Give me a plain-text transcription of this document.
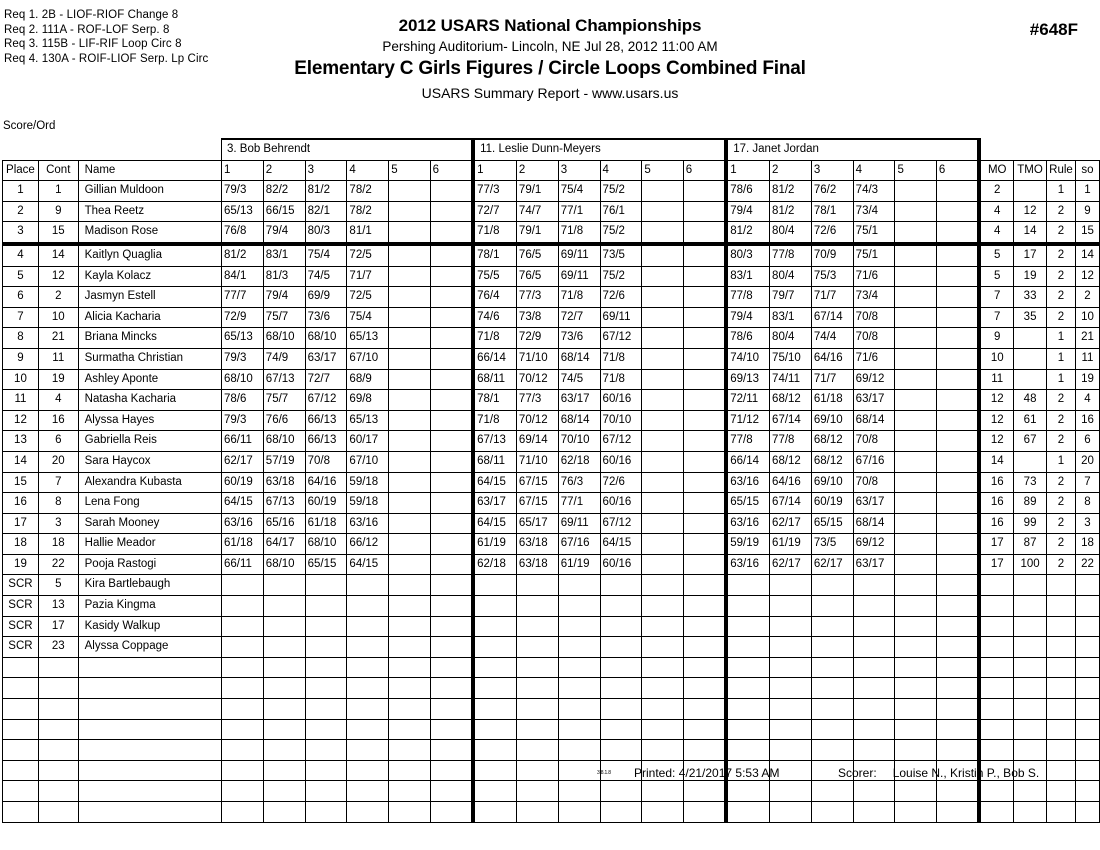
Req 1. 2B - LIOF-RIOF Change 8
Req 2. 111A - ROF-LOF Serp. 8
Req 3. 115B - LIF-RIF Loop Circ 8
Req 4. 130A - ROIF-LIOF Serp. Lp Circ
2012 USARS National Championships
Pershing Auditorium- Lincoln, NE Jul 28, 2012 11:00 AM
Elementary C Girls Figures / Circle Loops Combined Final
USARS Summary Report - www.usars.us
#648F
Score/Ord
			3. Bob Behrendt						11. Leslie Dunn-Meyers						17. Janet Jordan									
Place	Cont	Name	1	2	3	4	5	6	1	2	3	4	5	6	1	2	3	4	5	6	MO	TMO	Rule	so
1	1	Gillian Muldoon	79/3	82/2	81/2	78/2			77/3	79/1	75/4	75/2			78/6	81/2	76/2	74/3			2		1	1
2	9	Thea Reetz	65/13	66/15	82/1	78/2			72/7	74/7	77/1	76/1			79/4	81/2	78/1	73/4			4	12	2	9
3	15	Madison Rose	76/8	79/4	80/3	81/1			71/8	79/1	71/8	75/2			81/2	80/4	72/6	75/1			4	14	2	15
4	14	Kaitlyn Quaglia	81/2	83/1	75/4	72/5			78/1	76/5	69/11	73/5			80/3	77/8	70/9	75/1			5	17	2	14
5	12	Kayla Kolacz	84/1	81/3	74/5	71/7			75/5	76/5	69/11	75/2			83/1	80/4	75/3	71/6			5	19	2	12
6	2	Jasmyn Estell	77/7	79/4	69/9	72/5			76/4	77/3	71/8	72/6			77/8	79/7	71/7	73/4			7	33	2	2
7	10	Alicia Kacharia	72/9	75/7	73/6	75/4			74/6	73/8	72/7	69/11			79/4	83/1	67/14	70/8			7	35	2	10
8	21	Briana Mincks	65/13	68/10	68/10	65/13			71/8	72/9	73/6	67/12			78/6	80/4	74/4	70/8			9		1	21
9	11	Surmatha Christian	79/3	74/9	63/17	67/10			66/14	71/10	68/14	71/8			74/10	75/10	64/16	71/6			10		1	11
10	19	Ashley Aponte	68/10	67/13	72/7	68/9			68/11	70/12	74/5	71/8			69/13	74/11	71/7	69/12			11		1	19
11	4	Natasha Kacharia	78/6	75/7	67/12	69/8			78/1	77/3	63/17	60/16			72/11	68/12	61/18	63/17			12	48	2	4
12	16	Alyssa Hayes	79/3	76/6	66/13	65/13			71/8	70/12	68/14	70/10			71/12	67/14	69/10	68/14			12	61	2	16
13	6	Gabriella Reis	66/11	68/10	66/13	60/17			67/13	69/14	70/10	67/12			77/8	77/8	68/12	70/8			12	67	2	6
14	20	Sara Haycox	62/17	57/19	70/8	67/10			68/11	71/10	62/18	60/16			66/14	68/12	68/12	67/16			14		1	20
15	7	Alexandra Kubasta	60/19	63/18	64/16	59/18			64/15	67/15	76/3	72/6			63/16	64/16	69/10	70/8			16	73	2	7
16	8	Lena Fong	64/15	67/13	60/19	59/18			63/17	67/15	77/1	60/16			65/15	67/14	60/19	63/17			16	89	2	8
17	3	Sarah Mooney	63/16	65/16	61/18	63/16			64/15	65/17	69/11	67/12			63/16	62/17	65/15	68/14			16	99	2	3
18	18	Hallie Meador	61/18	64/17	68/10	66/12			61/19	63/18	67/16	64/15			59/19	61/19	73/5	69/12			17	87	2	18
19	22	Pooja Rastogi	66/11	68/10	65/15	64/15			62/18	63/18	61/19	60/16			63/16	62/17	62/17	63/17			17	100	2	22
SCR	5	Kira Bartlebaugh																						
SCR	13	Pazia Kingma																						
SCR	17	Kasidy Walkup																						
SCR	23	Alyssa Coppage																						

3.8.1.8 Printed: 4/21/2017 5:53 AM	Scorer: Louise N., Kristin P., Bob S.
